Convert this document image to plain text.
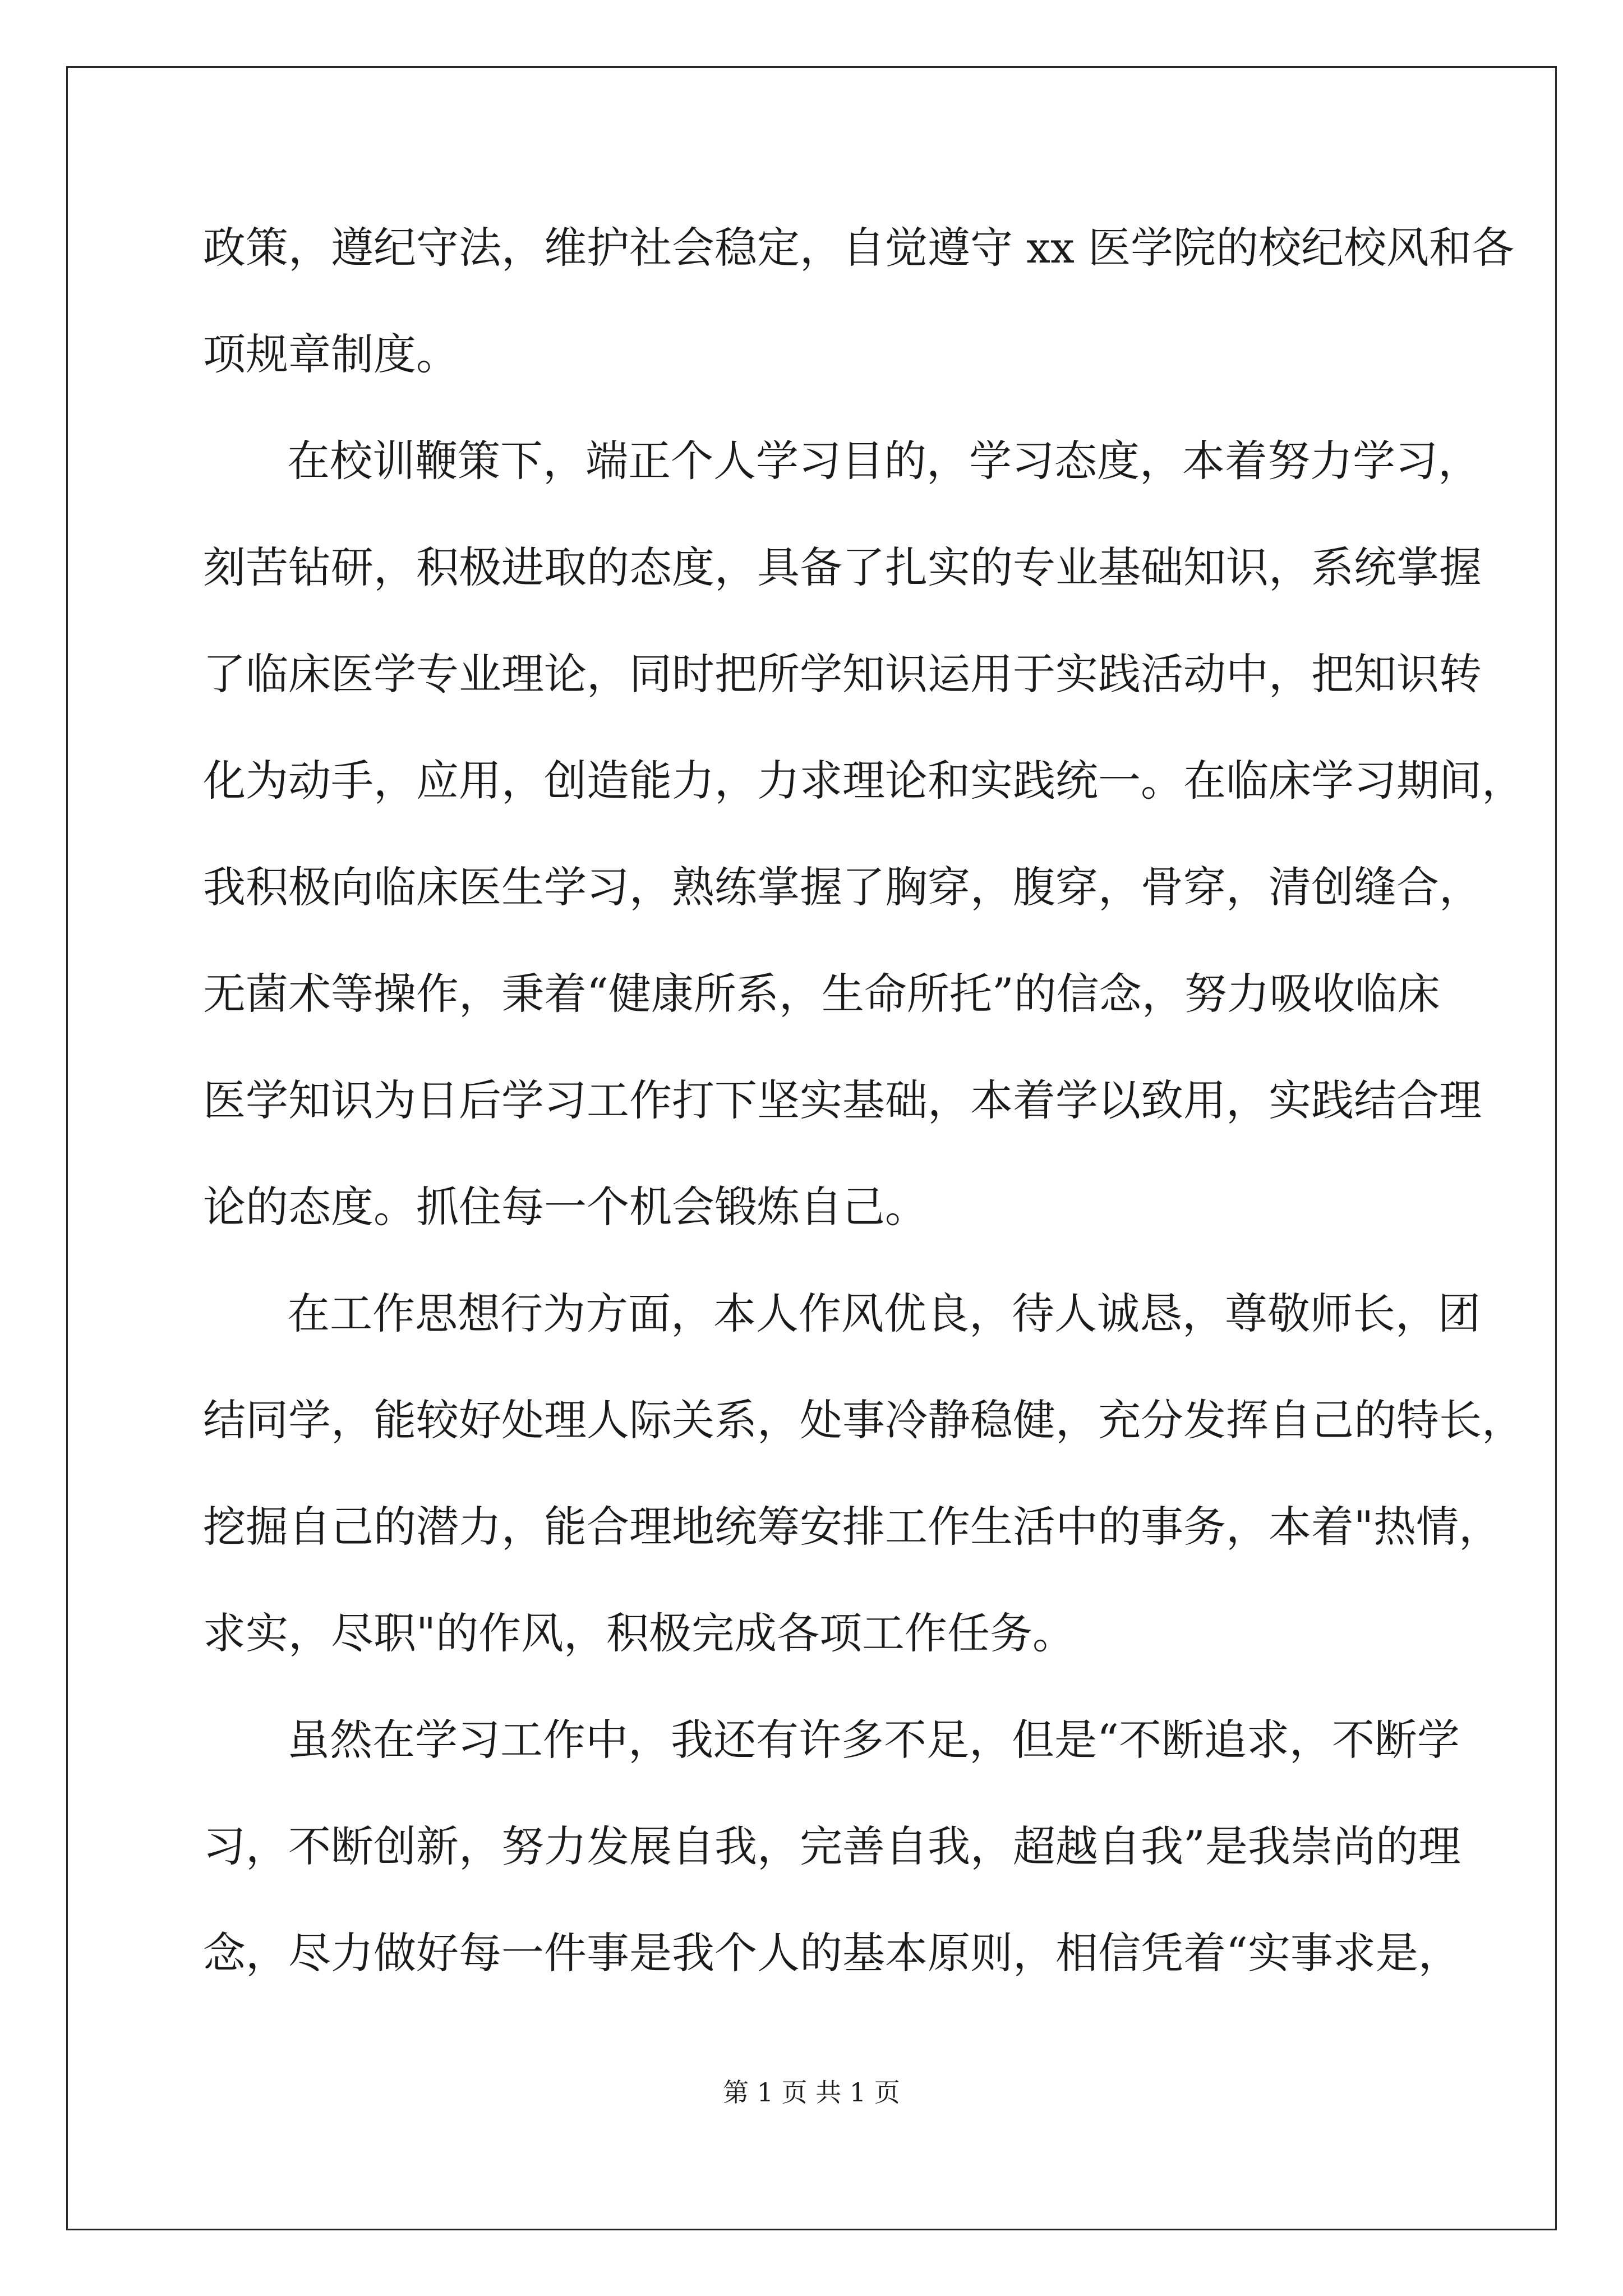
政策，遵纪守法，维护社会稳定，自觉遵守 xx 医学院的校纪校风和各
项规章制度。
在校训鞭策下，端正个人学习目的，学习态度，本着努力学习，
刻苦钻研，积极进取的态度，具备了扎实的专业基础知识，系统掌握
了临床医学专业理论，同时把所学知识运用于实践活动中，把知识转
化为动手，应用，创造能力，力求理论和实践统一。在临床学习期间，
我积极向临床医生学习，熟练掌握了胸穿，腹穿，骨穿，清创缝合，
无菌术等操作，秉着“健康所系，生命所托”的信念，努力吸收临床
医学知识为日后学习工作打下坚实基础，本着学以致用，实践结合理
论的态度。抓住每一个机会锻炼自己。
在工作思想行为方面，本人作风优良，待人诚恳，尊敬师长，团
结同学，能较好处理人际关系，处事冷静稳健，充分发挥自己的特长，
挖掘自己的潜力，能合理地统筹安排工作生活中的事务，本着"热情，
求实，尽职"的作风，积极完成各项工作任务。
虽然在学习工作中，我还有许多不足，但是“不断追求，不断学
习，不断创新，努力发展自我，完善自我，超越自我”是我崇尚的理
念，尽力做好每一件事是我个人的基本原则，相信凭着“实事求是，
第 1 页 共 1 页
